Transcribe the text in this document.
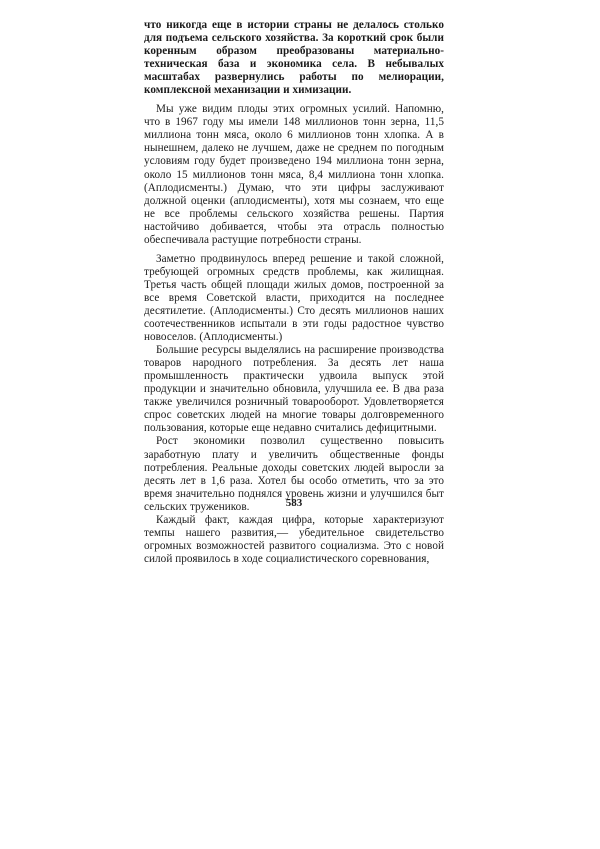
что никогда еще в истории страны не делалось столько для подъема сельского хозяйства. За короткий срок были коренным образом преобразованы материально-техническая база и экономика села. В небывалых масштабах развернулись работы по мелиорации, комплексной механизации и химизации.

Мы уже видим плоды этих огромных усилий. Напомню, что в 1967 году мы имели 148 миллионов тонн зерна, 11,5 миллиона тонн мяса, около 6 миллионов тонн хлопка. А в нынешнем, далеко не лучшем, даже не среднем по погодным условиям году будет произведено 194 миллиона тонн зерна, около 15 миллионов тонн мяса, 8,4 миллиона тонн хлопка. (Аплодисменты.) Думаю, что эти цифры заслуживают должной оценки (аплодисменты), хотя мы сознаем, что еще не все проблемы сельского хозяйства решены. Партия настойчиво добивается, чтобы эта отрасль полностью обеспечивала растущие потребности страны.

Заметно продвинулось вперед решение и такой сложной, требующей огромных средств проблемы, как жилищная. Третья часть общей площади жилых домов, построенной за все время Советской власти, приходится на последнее десятилетие. (Аплодисменты.) Сто десять миллионов наших соотечественников испытали в эти годы радостное чувство новоселов. (Аплодисменты.)

Большие ресурсы выделялись на расширение производства товаров народного потребления. За десять лет наша промышленность практически удвоила выпуск этой продукции и значительно обновила, улучшила ее. В два раза также увеличился розничный товарооборот. Удовлетворяется спрос советских людей на многие товары долговременного пользования, которые еще недавно считались дефицитными.

Рост экономики позволил существенно повысить заработную плату и увеличить общественные фонды потребления. Реальные доходы советских людей выросли за десять лет в 1,6 раза. Хотел бы особо отметить, что за это время значительно поднялся уровень жизни и улучшился быт сельских тружеников.

Каждый факт, каждая цифра, которые характеризуют темпы нашего развития,— убедительное свидетельство огромных возможностей развитого социализма. Это с новой силой проявилось в ходе социалистического соревнования,

583
